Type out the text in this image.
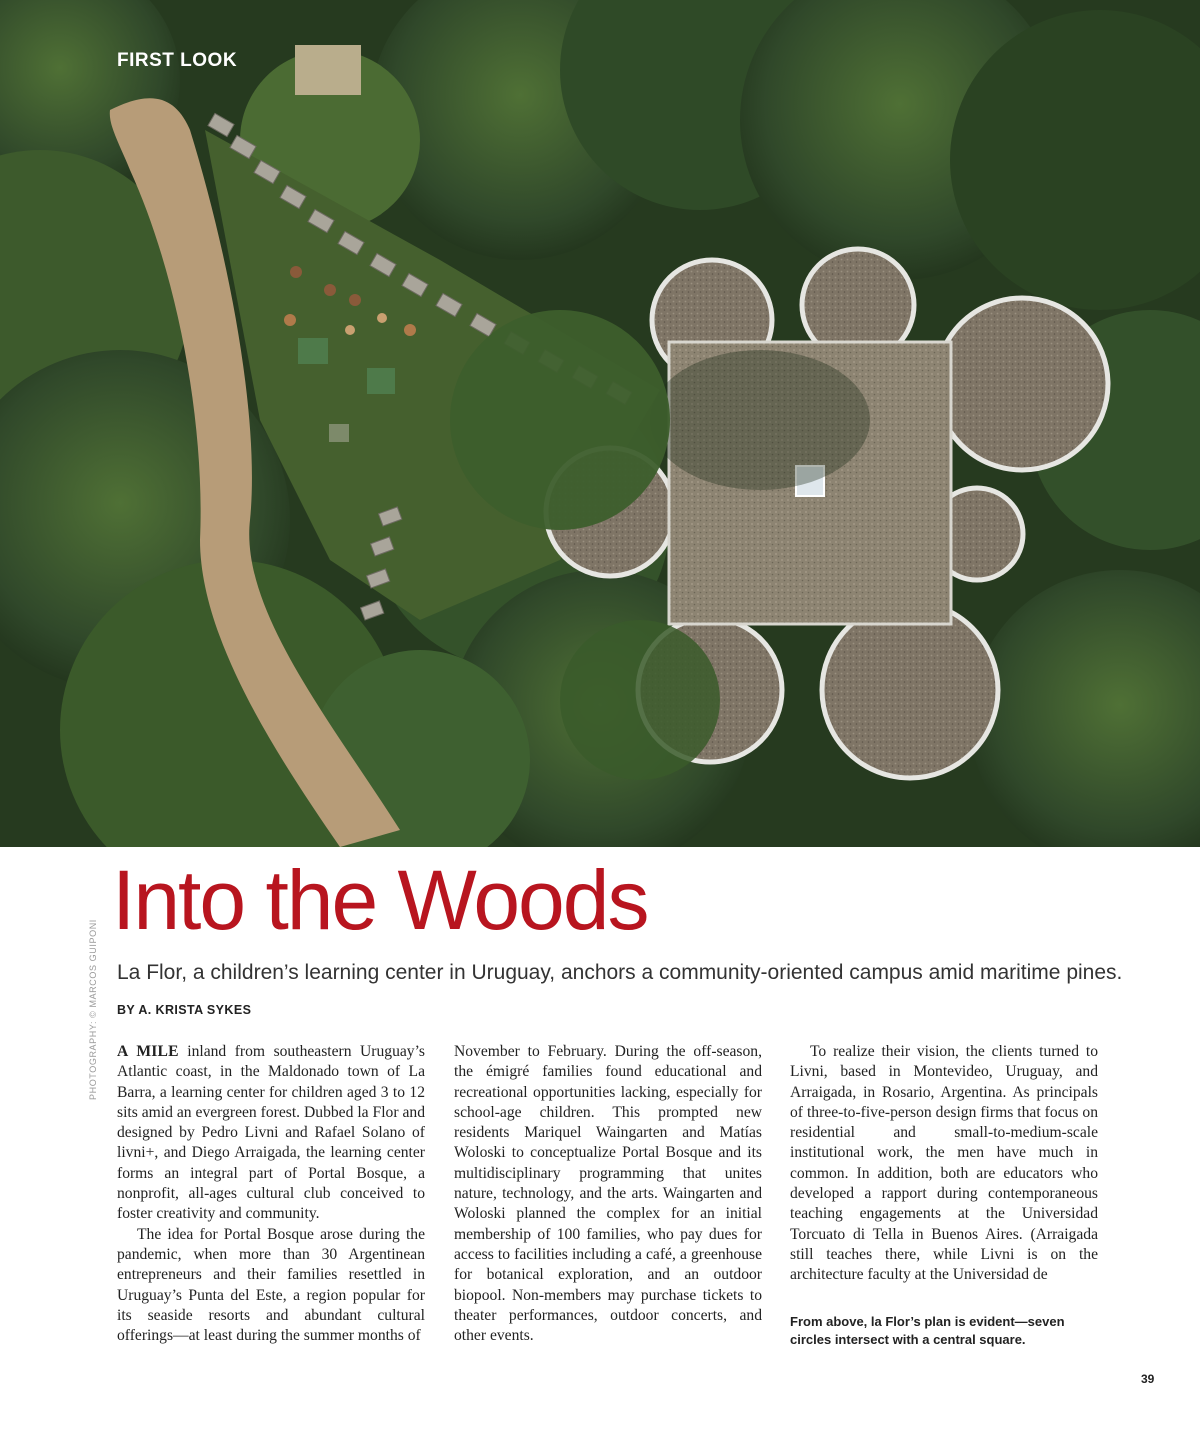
FIRST LOOK
Into the Woods

La Flor, a children’s learning center in Uruguay, anchors a community-oriented campus amid maritime pines.

BY A. KRISTA SYKES

A MILE inland from southeastern Uruguay’s Atlantic coast, in the Maldonado town of La Barra, a learning center for children aged 3 to 12 sits amid an evergreen forest. Dubbed la Flor and designed by Pedro Livni and Rafael Solano of livni+, and Diego Arraigada, the learning center forms an integral part of Portal Bosque, a nonprofit, all-ages cultural club conceived to foster creativity and community.

The idea for Portal Bosque arose during the pandemic, when more than 30 Argentinean entrepreneurs and their families resettled in Uruguay’s Punta del Este, a region popular for its seaside resorts and abundant cultural offerings—at least during the summer months of

November to February. During the off-season, the émigré families found educational and recreational opportunities lacking, especially for school-age children. This prompted new residents Mariquel Waingarten and Matías Woloski to conceptualize Portal Bosque and its multidisciplinary programming that unites nature, technology, and the arts. Waingarten and Woloski planned the complex for an initial membership of 100 families, who pay dues for access to facilities including a café, a greenhouse for botanical exploration, and an outdoor biopool. Non-members may purchase tickets to theater performances, outdoor concerts, and other events.

To realize their vision, the clients turned to Livni, based in Montevideo, Uruguay, and Arraigada, in Rosario, Argentina. As principals of three-to-five-person design firms that focus on residential and small-to-medium-scale institutional work, the men have much in common. In addition, both are educators who developed a rapport during contemporaneous teaching engagements at the Universidad Torcuato di Tella in Buenos Aires. (Arraigada still teaches there, while Livni is on the architecture faculty at the Universidad de

From above, la Flor’s plan is evident—seven circles intersect with a central square.

PHOTOGRAPHY: © MARCOS GUIPONI
39
